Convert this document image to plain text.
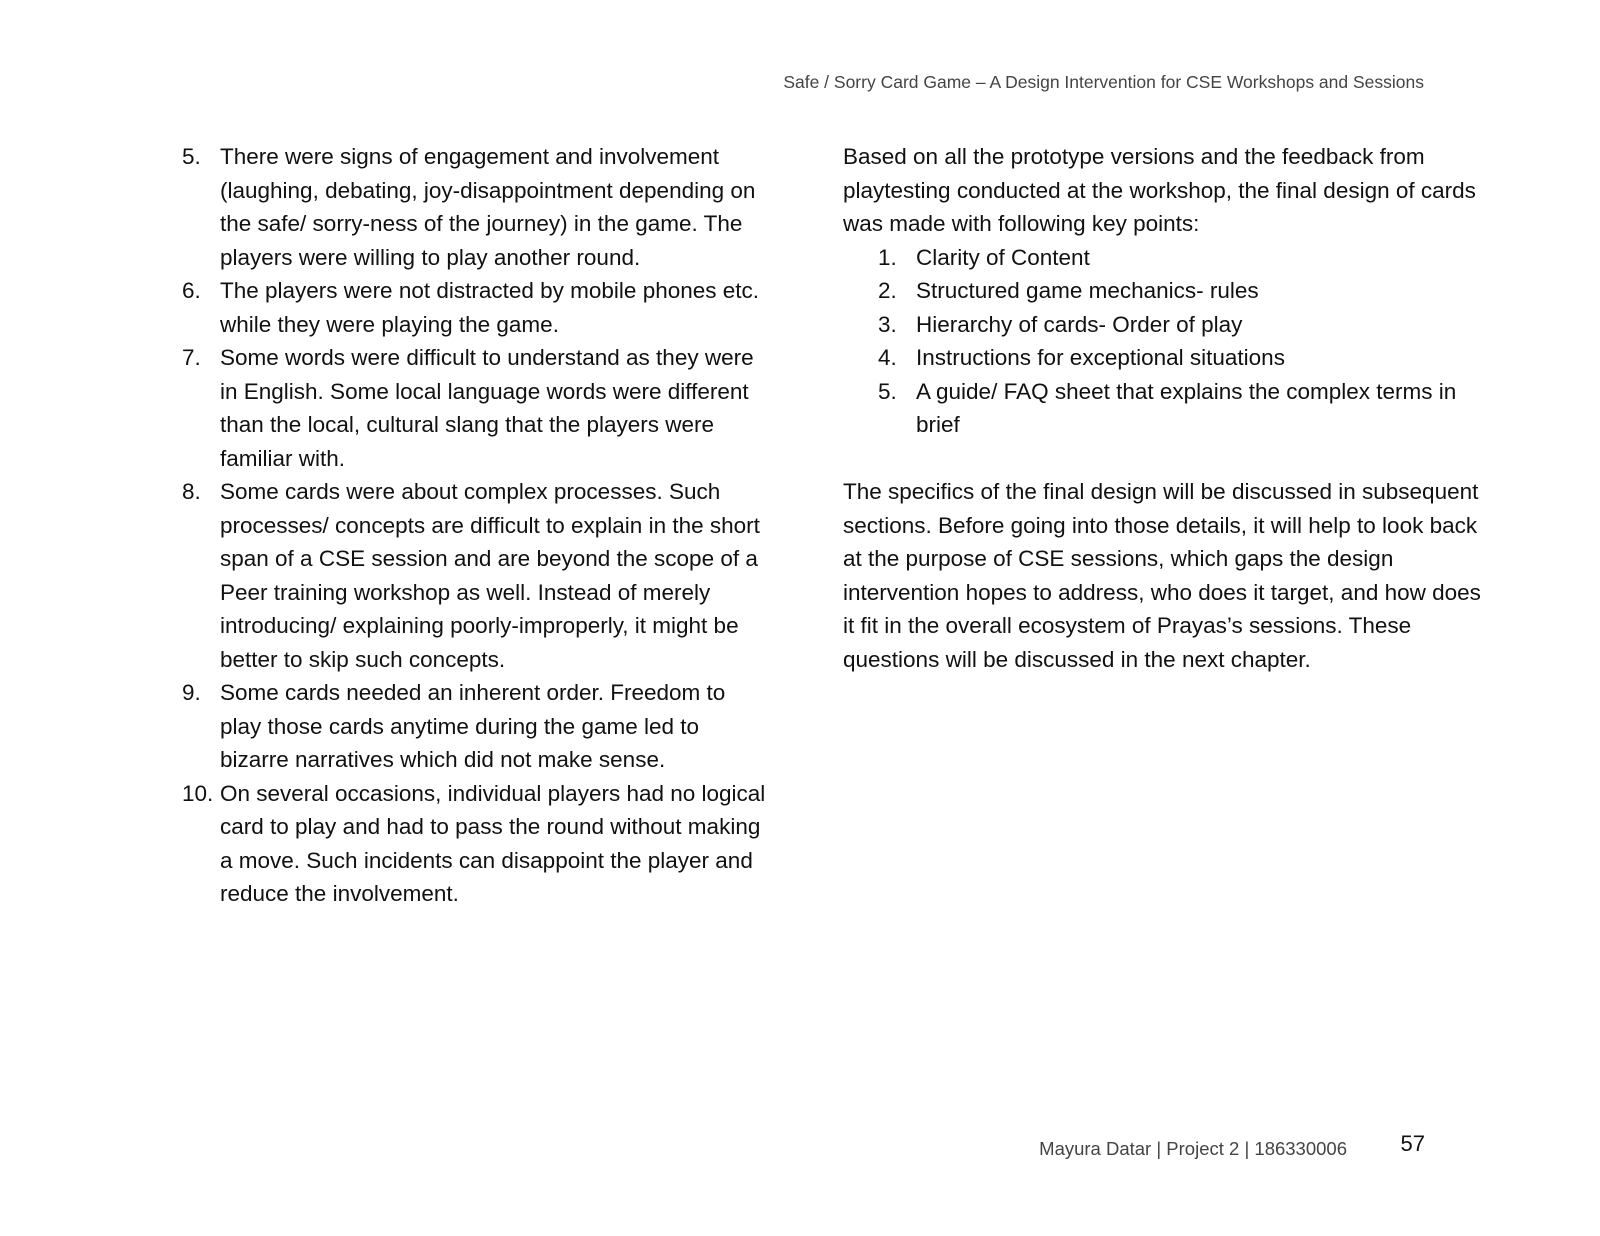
Safe / Sorry Card Game – A Design Intervention for CSE Workshops and Sessions
5. There were signs of engagement and involvement (laughing, debating, joy-disappointment depending on the safe/ sorry-ness of the journey) in the game. The players were willing to play another round.
6. The players were not distracted by mobile phones etc. while they were playing the game.
7. Some words were difficult to understand as they were in English. Some local language words were different than the local, cultural slang that the players were familiar with.
8. Some cards were about complex processes. Such processes/ concepts are difficult to explain in the short span of a CSE session and are beyond the scope of a Peer training workshop as well. Instead of merely introducing/ explaining poorly-improperly, it might be better to skip such concepts.
9. Some cards needed an inherent order. Freedom to play those cards anytime during the game led to bizarre narratives which did not make sense.
10. On several occasions, individual players had no logical card to play and had to pass the round without making a move. Such incidents can disappoint the player and reduce the involvement.

Based on all the prototype versions and the feedback from playtesting conducted at the workshop, the final design of cards was made with following key points:

1. Clarity of Content
2. Structured game mechanics- rules
3. Hierarchy of cards- Order of play
4. Instructions for exceptional situations
5. A guide/ FAQ sheet that explains the complex terms in brief

The specifics of the final design will be discussed in subsequent sections. Before going into those details, it will help to look back at the purpose of CSE sessions, which gaps the design intervention hopes to address, who does it target, and how does it fit in the overall ecosystem of Prayas’s sessions. These questions will be discussed in the next chapter.

Mayura Datar | Project 2 | 186330006 57
